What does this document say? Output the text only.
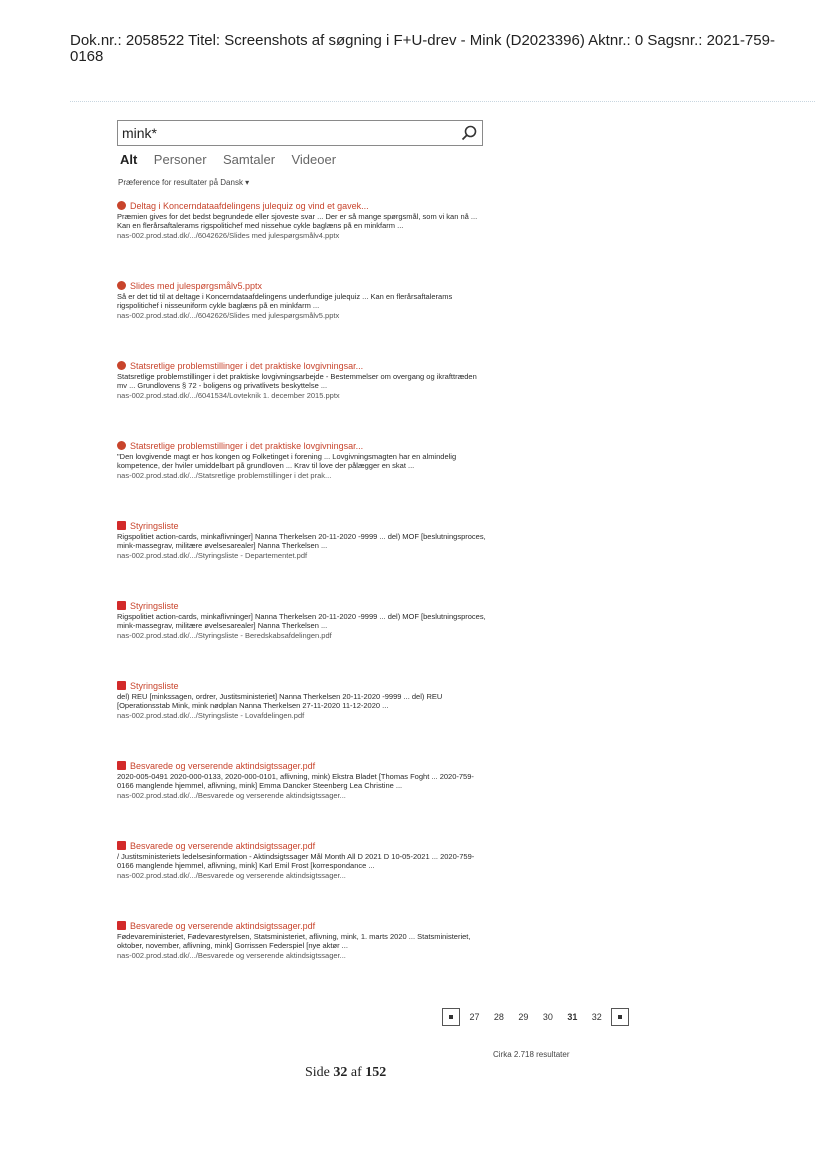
Dok.nr.: 2058522 Titel: Screenshots af søgning i F+U-drev - Mink (D2023396) Aktnr.: 0 Sagsnr.: 2021-759-0168
mink*
Alt Personer Samtaler Videoer
Præference for resultater på Dansk ▾
Deltag i Koncerndataafdelingens julequiz og vind et gavek...
Præmien gives for det bedst begrundede eller sjoveste svar ... Der er så mange spørgsmål, som vi kan nå ... Kan en flerårsaftalerams rigspolitichef med nissehue cykle baglæns på en minkfarm ...
nas-002.prod.stad.dk/.../6042626/Slides med julespørgsmålv4.pptx
Slides med julespørgsmålv5.pptx
Så er det tid til at deltage i Koncerndataafdelingens underfundige julequiz ... Kan en flerårsaftalerams rigspolitichef i nisseuniform cykle baglæns på en minkfarm ...
nas-002.prod.stad.dk/.../6042626/Slides med julespørgsmålv5.pptx
Statsretlige problemstillinger i det praktiske lovgivningsar...
Statsretlige problemstillinger i det praktiske lovgivningsarbejde - Bestemmelser om overgang og ikrafttræden mv ... Grundlovens § 72 - boligens og privatlivets beskyttelse ...
nas-002.prod.stad.dk/.../6041534/Lovteknik 1. december 2015.pptx
Statsretlige problemstillinger i det praktiske lovgivningsar...
"Den lovgivende magt er hos kongen og Folketinget i forening ... Lovgivningsmagten har en almindelig kompetence, der hviler umiddelbart på grundloven ... Krav til love der pålægger en skat ...
nas-002.prod.stad.dk/.../Statsretlige problemstillinger i det prak...
Styringsliste
Rigspolitiet action-cards, minkaflivninger] Nanna Therkelsen 20-11-2020 -9999 ... del) MOF [beslutningsproces, mink-massegrav, militære øvelsesarealer] Nanna Therkelsen ...
nas-002.prod.stad.dk/.../Styringsliste - Departementet.pdf
Styringsliste
Rigspolitiet action-cards, minkaflivninger] Nanna Therkelsen 20-11-2020 -9999 ... del) MOF [beslutningsproces, mink-massegrav, militære øvelsesarealer] Nanna Therkelsen ...
nas-002.prod.stad.dk/.../Styringsliste - Beredskabsafdelingen.pdf
Styringsliste
del) REU [minkssagen, ordrer, Justitsministeriet] Nanna Therkelsen 20-11-2020 -9999 ... del) REU [Operationsstab Mink, mink nødplan Nanna Therkelsen 27-11-2020 11-12-2020 ...
nas-002.prod.stad.dk/.../Styringsliste - Lovafdelingen.pdf
Besvarede og verserende aktindsigtssager.pdf
2020-005-0491 2020-000-0133, 2020-000-0101, aflivning, mink) Ekstra Bladet [Thomas Foght ... 2020-759-0166 manglende hjemmel, aflivning, mink] Emma Dancker Steenberg Lea Christine ...
nas-002.prod.stad.dk/.../Besvarede og verserende aktindsigtssager...
Besvarede og verserende aktindsigtssager.pdf
/ Justitsministeriets ledelsesinformation - Aktindsigtssager Mål Month All D 2021 D 10-05-2021 ... 2020-759-0166 manglende hjemmel, aflivning, mink] Karl Emil Frost [korrespondance ...
nas-002.prod.stad.dk/.../Besvarede og verserende aktindsigtssager...
Besvarede og verserende aktindsigtssager.pdf
Fødevareministeriet, Fødevarestyrelsen, Statsministeriet, aflivning, mink, 1. marts 2020 ... Statsministeriet, oktober, november, aflivning, mink] Gorrissen Federspiel [nye aktør ...
nas-002.prod.stad.dk/.../Besvarede og verserende aktindsigtssager...
27 28 29 30 31 32
Cirka 2.718 resultater
Side 32 af 152
